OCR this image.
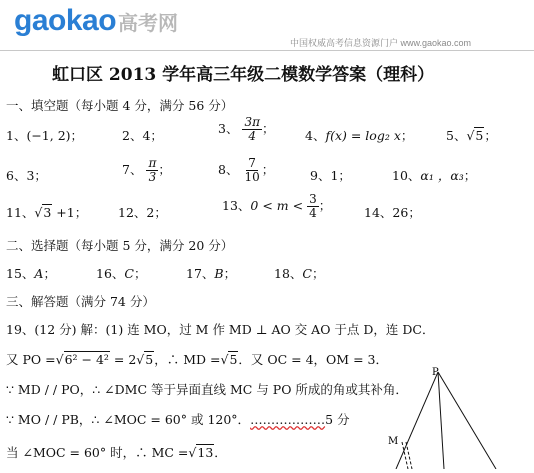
gaokao 高考网
中国权威高考信息资源门户 www.gaokao.com
虹口区 2013 学年高三年级二模数学答案（理科）
一、填空题（每小题 4 分，满分 56 分）
1、(−1, 2)；	2、4；	3、 $\frac{3\pi}{4}$ ； 4、f(x) = log₂ x；	5、√5；
6、3；	7、 $\frac{\pi}{3}$ ；	8、 $\frac{7}{10}$ ；	9、1；	10、α₁ ，α₃；
11、√3 +1； 12、2；	13、$0 < m < \frac{3}{4}$ ；	14、26；
二、选择题（每小题 5 分，满分 20 分）
15、A；	16、C；	17、B；	18、C；
三、解答题（满分 74 分）
19、(12 分) 解：(1) 连 MO，过 M 作 MD ⊥ AO 交 AO 于点 D，连 DC．
又 PO =√6² − 4² = 2√5，∴ MD =√5．又 OC = 4，OM = 3．
∵ MD / / PO，∴ ∠DMC 等于异面直线 MC 与 PO 所成的角或其补角．
∵ MO / / PB，∴ ∠MOC = 60° 或 120°．………………5 分
当 ∠MOC = 60° 时，∴ MC =√13．
P
M
